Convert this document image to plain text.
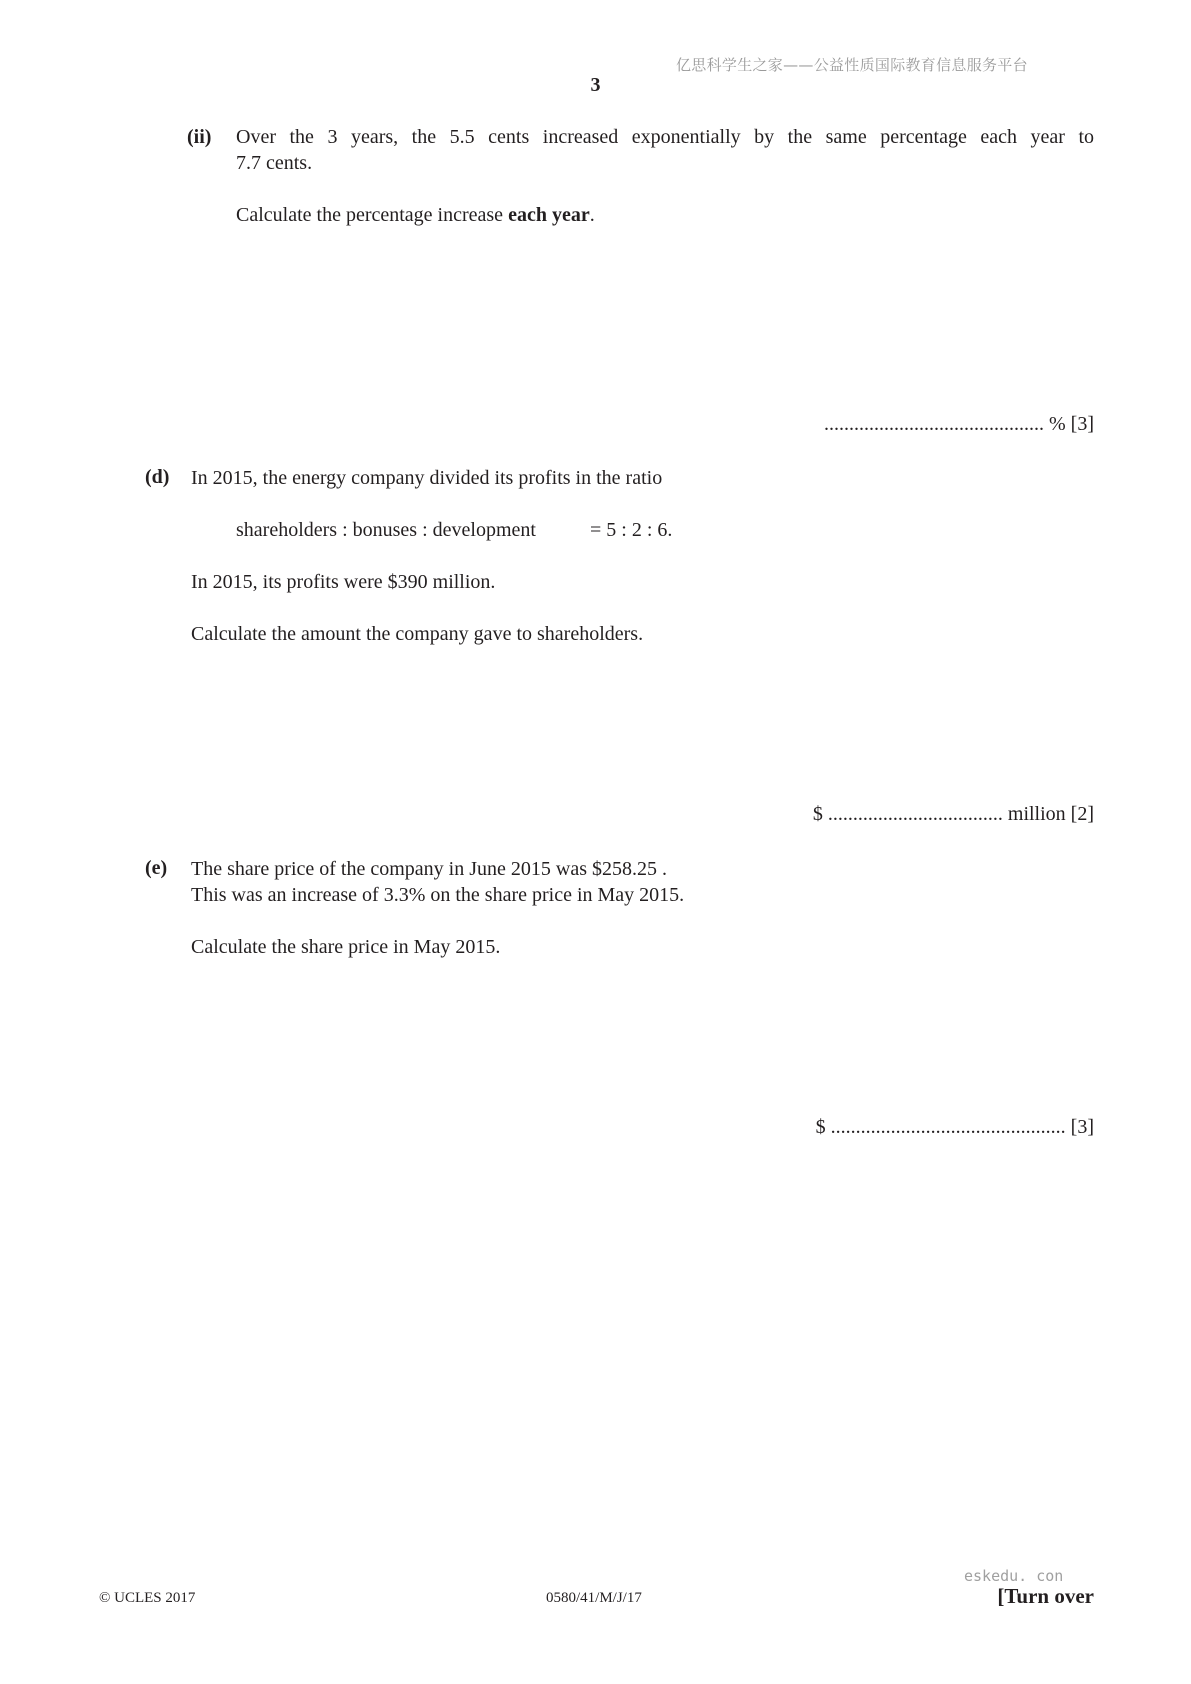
亿思科学生之家——公益性质国际教育信息服务平台
3
(ii) Over the 3 years, the 5.5 cents increased exponentially by the same percentage each year to
7.7 cents.
Calculate the percentage increase each year.
............................................ % [3]
(d) In 2015, the energy company divided its profits in the ratio
shareholders : bonuses : development	= 5 : 2 : 6.
In 2015, its profits were $390 million.
Calculate the amount the company gave to shareholders.
$ ................................... million [2]
(e) The share price of the company in June 2015 was $258.25 .
This was an increase of 3.3% on the share price in May 2015.
Calculate the share price in May 2015.
$ ............................................... [3]
eskedu. con
© UCLES 2017	0580/41/M/J/17	[Turn over
